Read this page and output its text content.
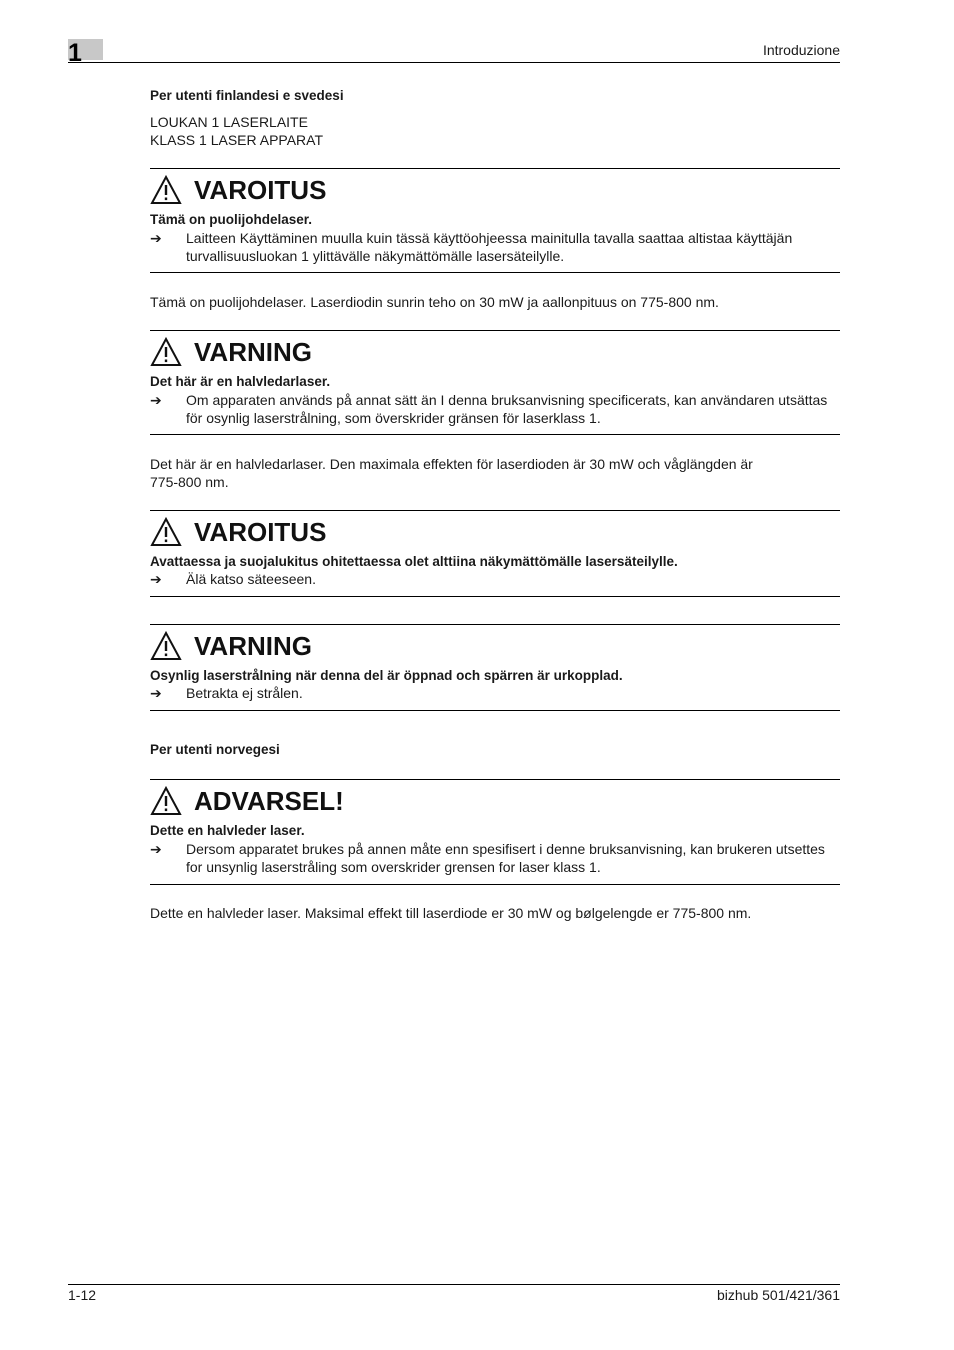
1	Introduzione
Per utenti finlandesi e svedesi
LOUKAN 1 LASERLAITE
KLASS 1 LASER APPARAT
VAROITUS
Tämä on puolijohdelaser.
➔	Laitteen Käyttäminen muulla kuin tässä käyttöohjeessa mainitulla tavalla saattaa altistaa käyttäjän turvallisuusluokan 1 ylittävälle näkymättömälle lasersäteilylle.
Tämä on puolijohdelaser. Laserdiodin sunrin teho on 30 mW ja aallonpituus on 775-800 nm.
VARNING
Det här är en halvledarlaser.
➔	Om apparaten används på annat sätt än I denna bruksanvisning specificerats, kan användaren utsättas för osynlig laserstrålning, som överskrider gränsen för laserklass 1.
Det här är en halvledarlaser. Den maximala effekten för laserdioden är 30 mW och våglängden är 775-800 nm.
VAROITUS
Avattaessa ja suojalukitus ohitettaessa olet alttiina näkymättömälle lasersäteilylle.
➔	Älä katso säteeseen.
VARNING
Osynlig laserstrålning när denna del är öppnad och spärren är urkopplad.
➔	Betrakta ej strålen.
Per utenti norvegesi
ADVARSEL!
Dette en halvleder laser.
➔	Dersom apparatet brukes på annen måte enn spesifisert i denne bruksanvisning, kan brukeren utsettes for unsynlig laserstråling som overskrider grensen for laser klass 1.
Dette en halvleder laser. Maksimal effekt till laserdiode er 30 mW og bølgelengde er 775-800 nm.
1-12	bizhub 501/421/361
